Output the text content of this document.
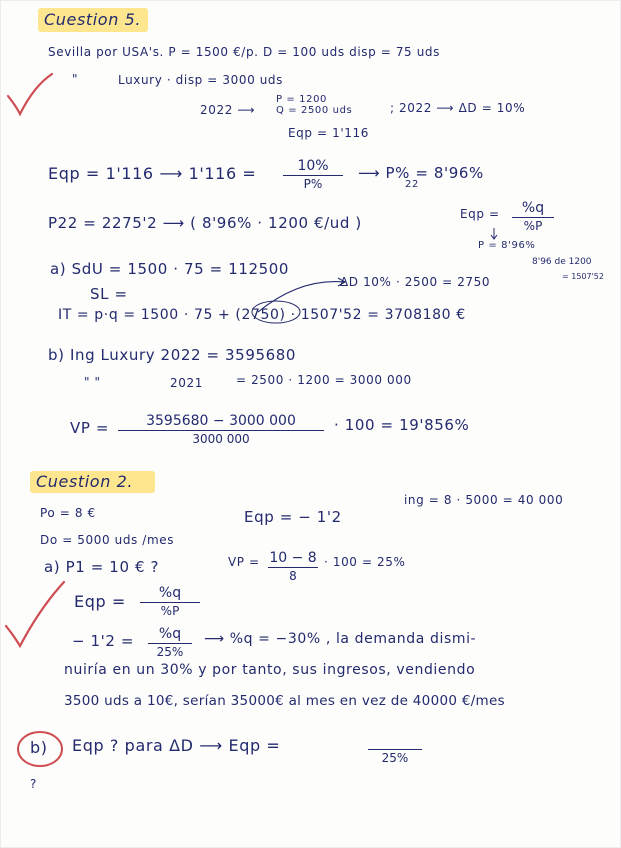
Cuestion 5.
Sevilla por USA's. P = 1500 €/p. D = 100 uds disp = 75 uds
"	Luxury · disp = 3000 uds
P = 1200
Q = 2500 uds
2022 ⟶	; 2022 ⟶ ΔD = 10%
Eqp = 1'116
Eqp = 1'116 ⟶ 1'116 =	10%
P%
⟶ P% = 8'96%
22
P22 = 2275'2 ⟶ ( 8'96% · 1200 €/ud )	Eqp =	%q
%P
P = 8'96%
8'96 de 1200
= 1507'52
a) SdU = 1500 · 75 = 112500
SL =
ΔD 10% · 2500 = 2750
IT = p·q = 1500 · 75 + (2750) · 1507'52 = 3708180 €
b) Ing Luxury 2022 = 3595680
" "	2021	= 2500 · 1200 = 3000 000
VP =	3595680 − 3000 000
3000 000
· 100 = 19'856%
Cuestion 2.
Po = 8 €
Do = 5000 uds /mes
Eqp = − 1'2
ing = 8 · 5000 = 40 000
a) P1 = 10 € ?	VP = 10 − 8
8
· 100 = 25%
Eqp =	%q
%P
− 1'2 =	%q
25%
⟶ %q = −30% , la demanda dismi-
nuiría en un 30% y por tanto, sus ingresos, vendiendo
3500 uds a 10€, serían 35000€ al mes en vez de 40000 €/mes
b) Eqp ? para ΔD ⟶ Eqp =
25%
?
